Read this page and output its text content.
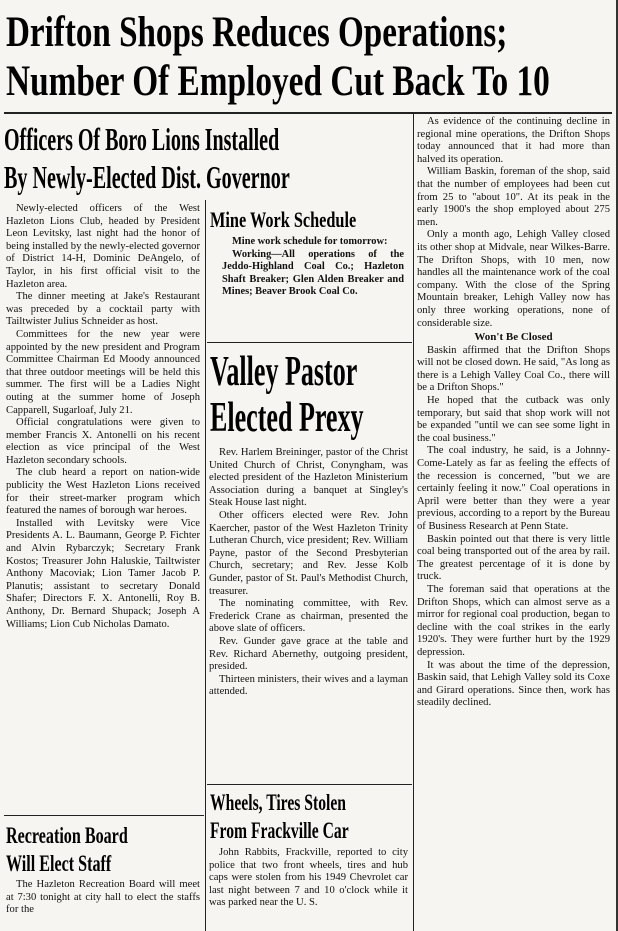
Drifton Shops Reduces Operations;
Number Of Employed Cut Back To 10
Officers Of Boro Lions Installed
By Newly-Elected Dist. Governor

Newly-elected officers of the West Hazleton Lions Club, headed by President Leon Levitsky, last night had the honor of being installed by the newly-elected governor of District 14-H, Dominic DeAngelo, of Taylor, in his first official visit to the Hazleton area.

The dinner meeting at Jake's Restaurant was preceded by a cocktail party with Tailtwister Julius Schneider as host.

Committees for the new year were appointed by the new president and Program Committee Chairman Ed Moody announced that three outdoor meetings will be held this summer. The first will be a Ladies Night outing at the summer home of Joseph Capparell, Sugarloaf, July 21.

Official congratulations were given to member Francis X. Antonelli on his recent election as vice principal of the West Hazleton secondary schools.

The club heard a report on nation-wide publicity the West Hazleton Lions received for their street-marker program which featured the names of borough war heroes.

Installed with Levitsky were Vice Presidents A. L. Baumann, George P. Fichter and Alvin Rybarczyk; Secretary Frank Kostos; Treasurer John Haluskie, Tailtwister Anthony Macoviak; Lion Tamer Jacob P. Planutis; assistant to secretary Donald Shafer; Directors F. X. Antonelli, Roy B. Anthony, Dr. Bernard Shupack; Joseph A Williams; Lion Cub Nicholas Damato.

Recreation Board
Will Elect Staff

The Hazleton Recreation Board will meet at 7:30 tonight at city hall to elect the staffs for the

Mine Work Schedule

Mine work schedule for tomorrow:

Working—All operations of the Jeddo-Highland Coal Co.; Hazleton Shaft Breaker; Glen Alden Breaker and Mines; Beaver Brook Coal Co.

Valley Pastor
Elected Prexy

Rev. Harlem Breininger, pastor of the Christ United Church of Christ, Conyngham, was elected president of the Hazleton Ministerium Association during a banquet at Singley's Steak House last night.

Other officers elected were Rev. John Kaercher, pastor of the West Hazleton Trinity Lutheran Church, vice president; Rev. William Payne, pastor of the Second Presbyterian Church, secretary; and Rev. Jesse Kolb Gunder, pastor of St. Paul's Methodist Church, treasurer.

The nominating committee, with Rev. Frederick Crane as chairman, presented the above slate of officers.

Rev. Gunder gave grace at the table and Rev. Richard Abernethy, outgoing president, presided.

Thirteen ministers, their wives and a layman attended.

Wheels, Tires Stolen
From Frackville Car

John Rabbits, Frackville, reported to city police that two front wheels, tires and hub caps were stolen from his 1949 Chevrolet car last night between 7 and 10 o'clock while it was parked near the U. S.

As evidence of the continuing decline in regional mine operations, the Drifton Shops today announced that it had more than halved its operation.

William Baskin, foreman of the shop, said that the number of employees had been cut from 25 to "about 10". At its peak in the early 1900's the shop employed about 275 men.

Only a month ago, Lehigh Valley closed its other shop at Midvale, near Wilkes-Barre. The Drifton Shops, with 10 men, now handles all the maintenance work of the coal company. With the close of the Spring Mountain breaker, Lehigh Valley now has only three working operations, none of considerable size.

Won't Be Closed

Baskin affirmed that the Drifton Shops will not be closed down. He said, "As long as there is a Lehigh Valley Coal Co., there will be a Drifton Shops."

He hoped that the cutback was only temporary, but said that shop work will not be expanded "until we can see some light in the coal business."

The coal industry, he said, is a Johnny-Come-Lately as far as feeling the effects of the recession is concerned, "but we are certainly feeling it now." Coal operations in April were better than they were a year previous, according to a report by the Bureau of Business Research at Penn State.

Baskin pointed out that there is very little coal being transported out of the area by rail. The greatest percentage of it is done by truck.

The foreman said that operations at the Drifton Shops, which can almost serve as a mirror for regional coal production, began to decline with the coal strikes in the early 1920's. They were further hurt by the 1929 depression.

It was about the time of the depression, Baskin said, that Lehigh Valley sold its Coxe and Girard operations. Since then, work has steadily declined.
